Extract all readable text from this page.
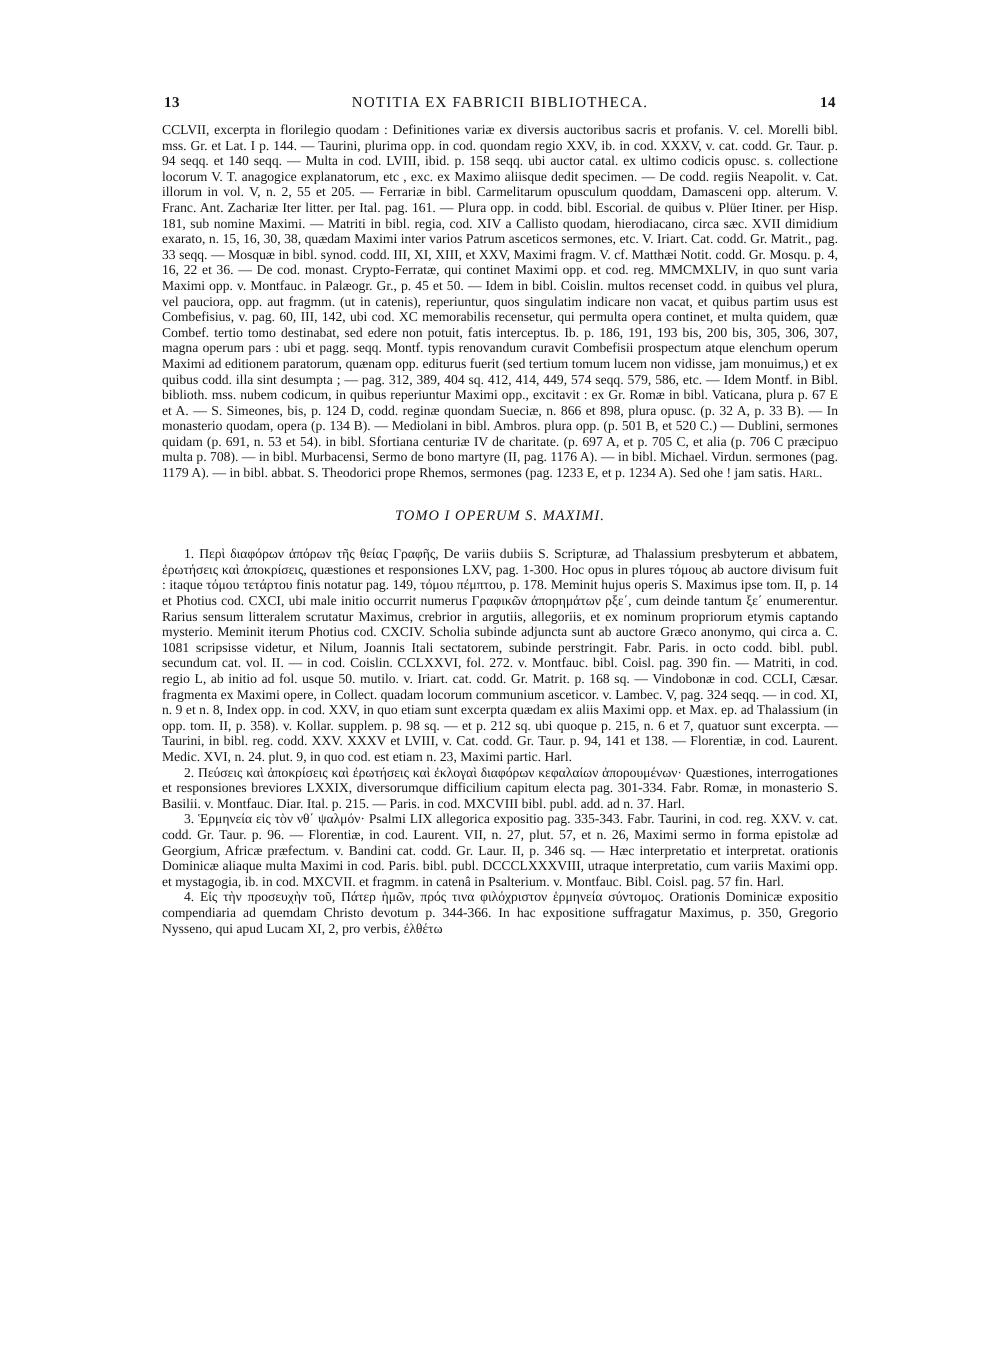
13	NOTITIA EX FABRICII BIBLIOTHECA.	14

CCLVII, excerpta in florilegio quodam : Definitiones variæ ex diversis auctoribus sacris et profanis. V. cel. Morelli bibl. mss. Gr. et Lat. I p. 144. — Taurini, plurima opp. in cod. quondam regio XXV, ib. in cod. XXXV, v. cat. codd. Gr. Taur. p. 94 seqq. et 140 seqq. — Multa in cod. LVIII, ibid. p. 158 seqq. ubi auctor catal. ex ultimo codicis opusc. s. collectione locorum V. T. anagogice explanatorum, etc , exc. ex Maximo aliisque dedit specimen. — De codd. regiis Neapolit. v. Cat. illorum in vol. V, n. 2, 55 et 205. — Ferrariæ in bibl. Carmelitarum opusculum quoddam, Damasceni opp. alterum. V. Franc. Ant. Zachariæ Iter litter. per Ital. pag. 161. — Plura opp. in codd. bibl. Escorial. de quibus v. Plüer Itiner. per Hisp. 181, sub nomine Maximi. — Matriti in bibl. regia, cod. XIV a Callisto quodam, hierodiacano, circa sæc. XVII dimidium exarato, n. 15, 16, 30, 38, quædam Maximi inter varios Patrum asceticos sermones, etc. V. Iriart. Cat. codd. Gr. Matrit., pag. 33 seqq. — Mosquæ in bibl. synod. codd. III, XI, XIII, et XXV, Maximi fragm. V. cf. Matthæi Notit. codd. Gr. Mosqu. p. 4, 16, 22 et 36. — De cod. monast. Crypto-Ferratæ, qui continet Maximi opp. et cod. reg. MMCMXLIV, in quo sunt varia Maximi opp. v. Montfauc. in Palæogr. Gr., p. 45 et 50. — Idem in bibl. Coislin. multos recenset codd. in quibus vel plura, vel pauciora, opp. aut fragmm. (ut in catenis), reperiuntur, quos singulatim indicare non vacat, et quibus partim usus est Combefisius, v. pag. 60, III, 142, ubi cod. XC memorabilis recensetur, qui permulta opera continet, et multa quidem, quæ Combef. tertio tomo destinabat, sed edere non potuit, fatis interceptus. Ib. p. 186, 191, 193 bis, 200 bis, 305, 306, 307, magna operum pars : ubi et pagg. seqq. Montf. typis renovandum curavit Combefisii prospectum atque elenchum operum Maximi ad editionem paratorum, quænam opp. editurus fuerit (sed tertium tomum lucem non vidisse, jam monuimus,) et ex quibus codd. illa sint desumpta ; — pag. 312, 389, 404 sq. 412, 414, 449, 574 seqq. 579, 586, etc. — Idem Montf. in Bibl. biblioth. mss. nubem codicum, in quibus reperiuntur Maximi opp., excitavit : ex Gr. Romæ in bibl. Vaticana, plura p. 67 E et A. — S. Simeones, bis, p. 124 D, codd. reginæ quondam Sueciæ, n. 866 et 898, plura opusc. (p. 32 A, p. 33 B). — In monasterio quodam, opera (p. 134 B). — Mediolani in bibl. Ambros. plura opp. (p. 501 B, et 520 C.) — Dublini, sermones quidam (p. 691, n. 53 et 54). in bibl. Sfortiana centuriæ IV de charitate. (p. 697 A, et p. 705 C, et alia (p. 706 C præcipuo multa p. 708). — in bibl. Murbacensi, Sermo de bono martyre (II, pag. 1176 A). — in bibl. Michael. Virdun. sermones (pag. 1179 A). — in bibl. abbat. S. Theodorici prope Rhemos, sermones (pag. 1233 E, et p. 1234 A). Sed ohe ! jam satis. Harl.

TOMO I OPERUM S. MAXIMI.

1. Περὶ διαφόρων ἀπόρων τῆς θείας Γραφῆς, De variis dubiis S. Scripturæ, ad Thalassium presbyterum et abbatem, ἐρωτήσεις καὶ ἀποκρίσεις, quæstiones et responsiones LXV, pag. 1-300. Hoc opus in plures τόμους ab auctore divisum fuit : itaque τόμου τετάρτου finis notatur pag. 149, τόμου πέμπτου, p. 178. Meminit hujus operis S. Maximus ipse tom. II, p. 14 et Photius cod. CXCI, ubi male initio occurrit numerus Γραφικῶν ἀπορημάτων ρξε΄, cum deinde tantum ξε΄ enumerentur. Rarius sensum litteralem scrutatur Maximus, crebrior in argutiis, allegoriis, et ex nominum propriorum etymis captando mysterio. Meminit iterum Photius cod. CXCIV. Scholia subinde adjuncta sunt ab auctore Græco anonymo, qui circa a. C. 1081 scripsisse videtur, et Nilum, Joannis Itali sectatorem, subinde perstringit. Fabr. Paris. in octo codd. bibl. publ. secundum cat. vol. II. — in cod. Coislin. CCLXXVI, fol. 272. v. Montfauc. bibl. Coisl. pag. 390 fin. — Matriti, in cod. regio L, ab initio ad fol. usque 50. mutilo. v. Iriart. cat. codd. Gr. Matrit. p. 168 sq. — Vindobonæ in cod. CCLI, Cæsar. fragmenta ex Maximi opere, in Collect. quadam locorum communium asceticor. v. Lambec. V, pag. 324 seqq. — in cod. XI, n. 9 et n. 8, Index opp. in cod. XXV, in quo etiam sunt excerpta quædam ex aliis Maximi opp. et Max. ep. ad Thalassium (in opp. tom. II, p. 358). v. Kollar. supplem. p. 98 sq. — et p. 212 sq. ubi quoque p. 215, n. 6 et 7, quatuor sunt excerpta. — Taurini, in bibl. reg. codd. XXV. XXXV et LVIII, v. Cat. codd. Gr. Taur. p. 94, 141 et 138. — Florentiæ, in cod. Laurent. Medic. XVI, n. 24. plut. 9, in quo cod. est etiam n. 23, Maximi partic. Harl.

2. Πεύσεις καὶ ἀποκρίσεις καὶ ἐρωτήσεις καὶ ἐκλογαὶ διαφόρων κεφαλαίων ἀπορουμένων· Quæstiones, interrogationes et responsiones breviores LXXIX, diversorumque difficilium capitum electa pag. 301-334. Fabr. Romæ, in monasterio S. Basilii. v. Montfauc. Diar. Ital. p. 215. — Paris. in cod. MXCVIII bibl. publ. add. ad n. 37. Harl.

3. Ἑρμηνεία εἰς τὸν νθ΄ ψαλμόν· Psalmi LIX allegorica expositio pag. 335-343. Fabr. Taurini, in cod. reg. XXV. v. cat. codd. Gr. Taur. p. 96. — Florentiæ, in cod. Laurent. VII, n. 27, plut. 57, et n. 26, Maximi sermo in forma epistolæ ad Georgium, Africæ præfectum. v. Bandini cat. codd. Gr. Laur. II, p. 346 sq. — Hæc interpretatio et interpretat. orationis Dominicæ aliaque multa Maximi in cod. Paris. bibl. publ. DCCCLXXXVIII, utraque interpretatio, cum variis Maximi opp. et mystagogia, ib. in cod. MXCVII. et fragmm. in catenâ in Psalterium. v. Montfauc. Bibl. Coisl. pag. 57 fin. Harl.

4. Εἰς τὴν προσευχὴν τοῦ, Πάτερ ἡμῶν, πρός τινα φιλόχριστον ἑρμηνεία σύντομος. Orationis Dominicæ expositio compendiaria ad quemdam Christo devotum p. 344-366. In hac expositione suffragatur Maximus, p. 350, Gregorio Nysseno, qui apud Lucam XI, 2, pro verbis, ἐλθέτω
